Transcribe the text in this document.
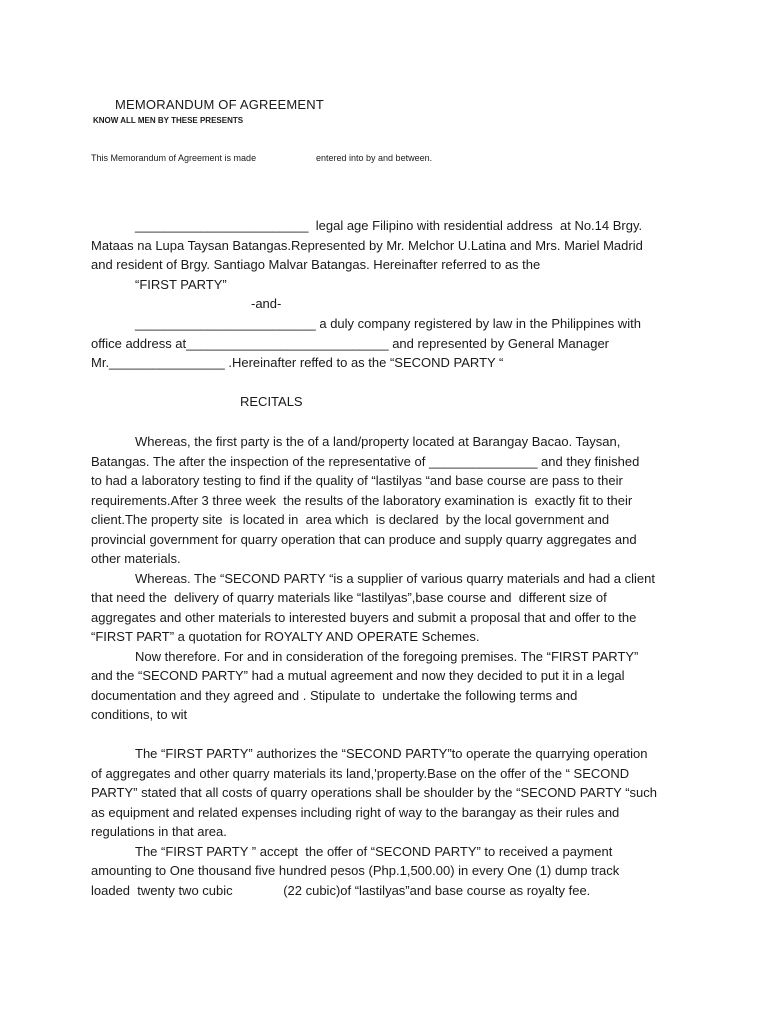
MEMORANDUM OF AGREEMENT
KNOW ALL MEN BY THESE PRESENTS
This Memorandum of Agreement is made	entered into by and between.
________________________  legal age Filipino with residential address  at No.14 Brgy.
Mataas na Lupa Taysan Batangas.Represented by Mr. Melchor U.Latina and Mrs. Mariel Madrid
and resident of Brgy. Santiago Malvar Batangas. Hereinafter referred to as the
“FIRST PARTY”
-and-
_________________________ a duly company registered by law in the Philippines with
office address at____________________________ and represented by General Manager
Mr.________________ .Hereinafter reffed to as the “SECOND PARTY “
RECITALS
Whereas, the first party is the of a land/property located at Barangay Bacao. Taysan,
Batangas. The after the inspection of the representative of _______________ and they finished
to had a laboratory testing to find if the quality of “lastilyas “and base course are pass to their
requirements.After 3 three week  the results of the laboratory examination is  exactly fit to their
client.The property site  is located in  area which  is declared  by the local government and
provincial government for quarry operation that can produce and supply quarry aggregates and
other materials.
Whereas. The “SECOND PARTY “is a supplier of various quarry materials and had a client
that need the  delivery of quarry materials like “lastilyas”,base course and  different size of
aggregates and other materials to interested buyers and submit a proposal that and offer to the
“FIRST PART” a quotation for ROYALTY AND OPERATE Schemes.
Now therefore. For and in consideration of the foregoing premises. The “FIRST PARTY”
and the “SECOND PARTY” had a mutual agreement and now they decided to put it in a legal
documentation and they agreed and . Stipulate to  undertake the following terms and
conditions, to wit
The “FIRST PARTY” authorizes the “SECOND PARTY”to operate the quarrying operation
of aggregates and other quarry materials its land,'property.Base on the offer of the “ SECOND
PARTY” stated that all costs of quarry operations shall be shoulder by the “SECOND PARTY “such
as equipment and related expenses including right of way to the barangay as their rules and
regulations in that area.
The “FIRST PARTY ” accept  the offer of “SECOND PARTY” to received a payment
amounting to One thousand five hundred pesos (Php.1,500.00) in every One (1) dump track
loaded  twenty two cubic              (22 cubic)of “lastilyas”and base course as royalty fee.
